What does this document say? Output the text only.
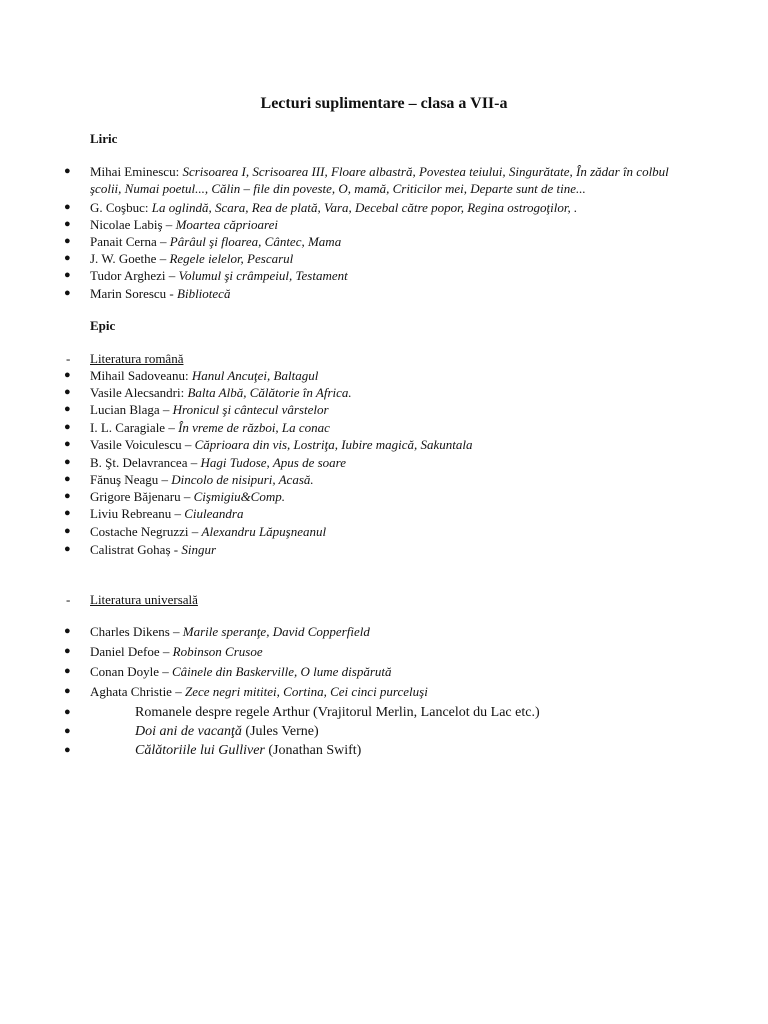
Lecturi suplimentare – clasa a VII-a
Liric
● Mihai Eminescu: Scrisoarea I, Scrisoarea III, Floare albastră, Povestea teiului, Singurătate, În zădar în colbul şcolii, Numai poetul..., Călin – file din poveste, O, mamă, Criticilor mei, Departe sunt de tine...
● G. Coşbuc: La oglindă, Scara, Rea de plată, Vara, Decebal către popor, Regina ostrogoţilor, .
● Nicolae Labiş – Moartea căprioarei
● Panait Cerna – Pârâul şi floarea, Cântec, Mama
● J. W. Goethe – Regele ielelor, Pescarul
● Tudor Arghezi – Volumul şi crâmpeiul, Testament
● Marin Sorescu - Bibliotecă
Epic
- Literatura română
● Mihail Sadoveanu: Hanul Ancuţei, Baltagul
● Vasile Alecsandri: Balta Albă, Călătorie în Africa.
● Lucian Blaga – Hronicul şi cântecul vârstelor
● I. L. Caragiale – În vreme de război, La conac
● Vasile Voiculescu – Căprioara din vis, Lostriţa, Iubire magică, Sakuntala
● B. Şt. Delavrancea – Hagi Tudose, Apus de soare
● Fănuş Neagu – Dincolo de nisipuri, Acasă.
● Grigore Băjenaru – Cişmigiu&Comp.
● Liviu Rebreanu – Ciuleandra
● Costache Negruzzi – Alexandru Lăpuşneanul
● Calistrat Gohaș - Singur
- Literatura universală
● Charles Dikens – Marile speranţe, David Copperfield
● Daniel Defoe – Robinson Crusoe
● Conan Doyle – Câinele din Baskerville, O lume dispărută
● Aghata Christie – Zece negri mititei, Cortina, Cei cinci purceluşi
●	Romanele despre regele Arthur (Vrajitorul Merlin, Lancelot du Lac etc.)
●	Doi ani de vacanţă (Jules Verne)
●	Călătoriile lui Gulliver (Jonathan Swift)
